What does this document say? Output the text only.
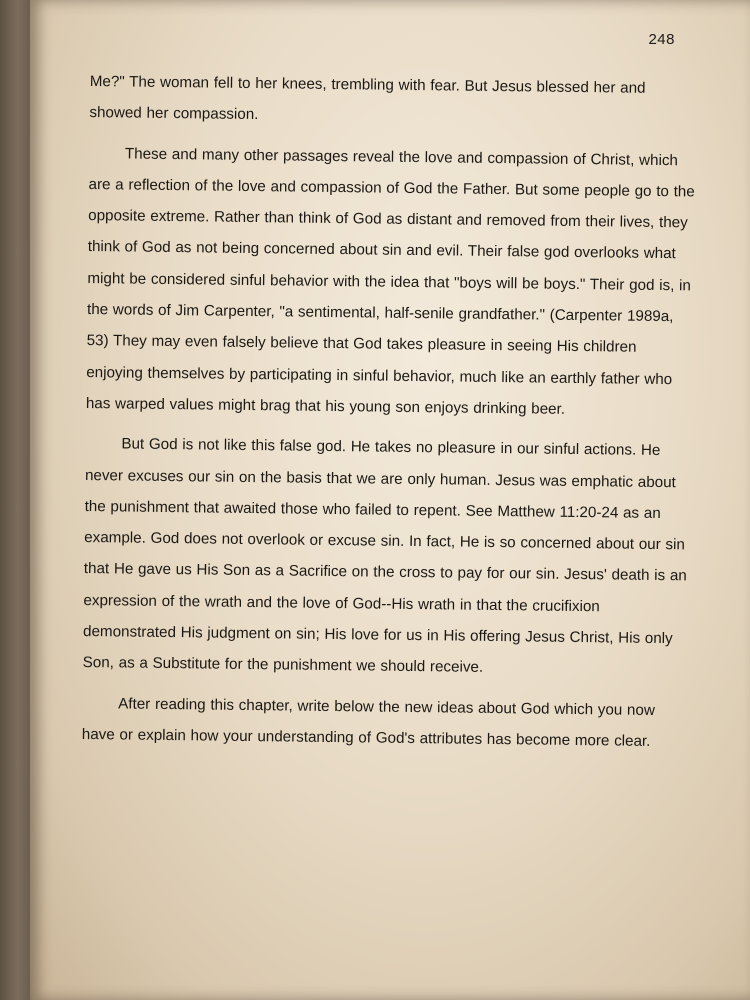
248

Me?" The woman fell to her knees, trembling with fear. But Jesus blessed her and showed her compassion.

These and many other passages reveal the love and compassion of Christ, which are a reflection of the love and compassion of God the Father. But some people go to the opposite extreme. Rather than think of God as distant and removed from their lives, they think of God as not being concerned about sin and evil. Their false god overlooks what might be considered sinful behavior with the idea that "boys will be boys." Their god is, in the words of Jim Carpenter, "a sentimental, half-senile grandfather." (Carpenter 1989a, 53) They may even falsely believe that God takes pleasure in seeing His children enjoying themselves by participating in sinful behavior, much like an earthly father who has warped values might brag that his young son enjoys drinking beer.

But God is not like this false god. He takes no pleasure in our sinful actions. He never excuses our sin on the basis that we are only human. Jesus was emphatic about the punishment that awaited those who failed to repent. See Matthew 11:20-24 as an example. God does not overlook or excuse sin. In fact, He is so concerned about our sin that He gave us His Son as a Sacrifice on the cross to pay for our sin. Jesus' death is an expression of the wrath and the love of God--His wrath in that the crucifixion demonstrated His judgment on sin; His love for us in His offering Jesus Christ, His only Son, as a Substitute for the punishment we should receive.

After reading this chapter, write below the new ideas about God which you now have or explain how your understanding of God's attributes has become more clear.
